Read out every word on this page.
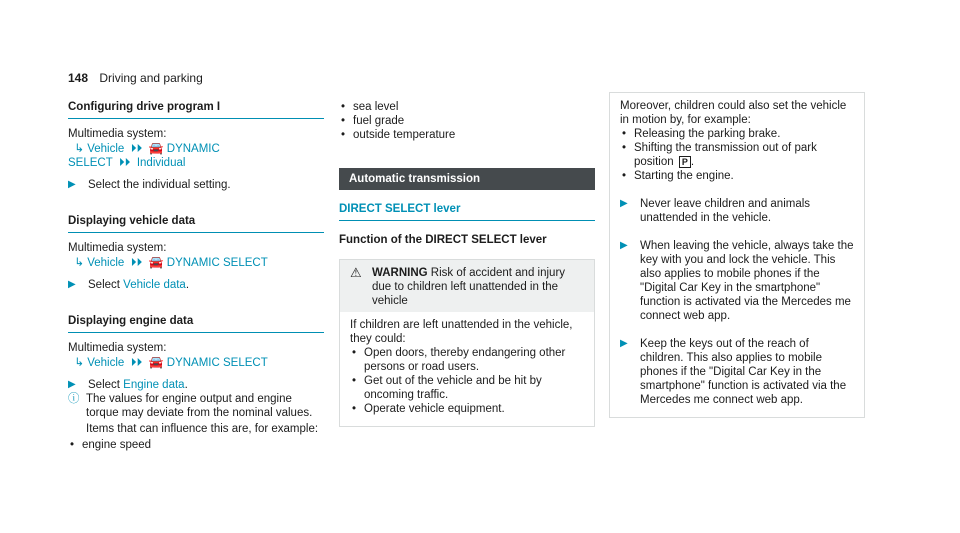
148 Driving and parking
Configuring drive program I

Multimedia system:

↳ Vehicle  ⏵⏵  🚘 DYNAMIC

SELECT  ⏵⏵  Individual

▶	Select the individual setting.
Displaying vehicle data

Multimedia system:

↳ Vehicle  ⏵⏵  🚘 DYNAMIC SELECT

▶	Select Vehicle data.
Displaying engine data

Multimedia system:

↳ Vehicle  ⏵⏵  🚘 DYNAMIC SELECT

▶	Select Engine data.
ⓘ The values for engine output and engine torque may deviate from the nominal values.

Items that can influence this are, for example:

• engine speed
• sea level
• fuel grade
• outside temperature
Automatic transmission
DIRECT SELECT lever
Function of the DIRECT SELECT lever
⚠ WARNING Risk of accident and injury due to children left unattended in the vehicle

If children are left unattended in the vehicle, they could:

• Open doors, thereby endangering other persons or road users.
• Get out of the vehicle and be hit by oncoming traffic.
• Operate vehicle equipment.

Moreover, children could also set the vehicle in motion by, for example:

• Releasing the parking brake.
• Shifting the transmission out of park position P .
• Starting the engine.
▶	Never leave children and animals unattended in the vehicle.
▶	When leaving the vehicle, always take the key with you and lock the vehicle. This also applies to mobile phones if the "Digital Car Key in the smartphone" function is activated via the Mercedes me connect web app.
▶	Keep the keys out of the reach of children. This also applies to mobile phones if the "Digital Car Key in the smartphone" function is activated via the Mercedes me connect web app.
